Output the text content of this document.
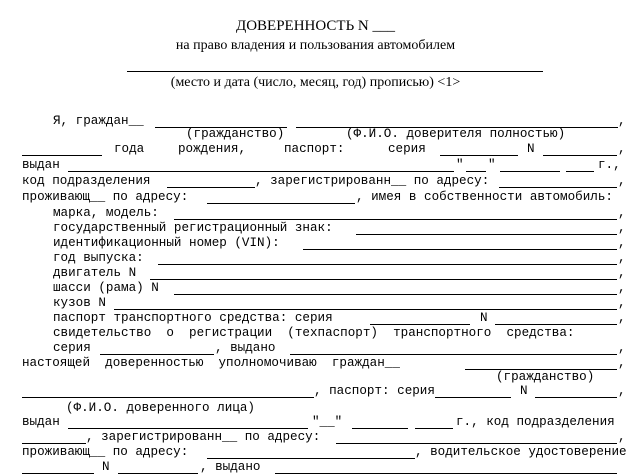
ДОВЕРЕННОСТЬ N ___
на право владения и пользования автомобилем
(место и дата (число, месяц, год) прописью) <1>
Я, граждан__	,
(гражданство)	(Ф.И.О. доверителя полностью)
года	рождения,	паспорт:	серия	N	,
выдан	" "	г.,
код подразделения	, зарегистрированн__ по адресу:	,
проживающ__ по адресу:	, имея в собственности автомобиль:
марка, модель:	,
государственный регистрационный знак:	,
идентификационный номер (VIN):	,
год выпуска:	,
двигатель N	,
шасси (рама) N	,
кузов N	,
паспорт транспортного средства: серия	N	,
свидетельство  о  регистрации  (техпаспорт)  транспортного  средства:
серия	, выдано	,
настоящей  доверенностью  уполномочиваю  граждан__	,
(гражданство)
, паспорт: серия	N	,
(Ф.И.О. доверенного лица)
выдан	"__"	г., код подразделения
, зарегистрированн__ по адресу:	,
проживающ__ по адресу:	, водительское удостоверение
N	, выдано
